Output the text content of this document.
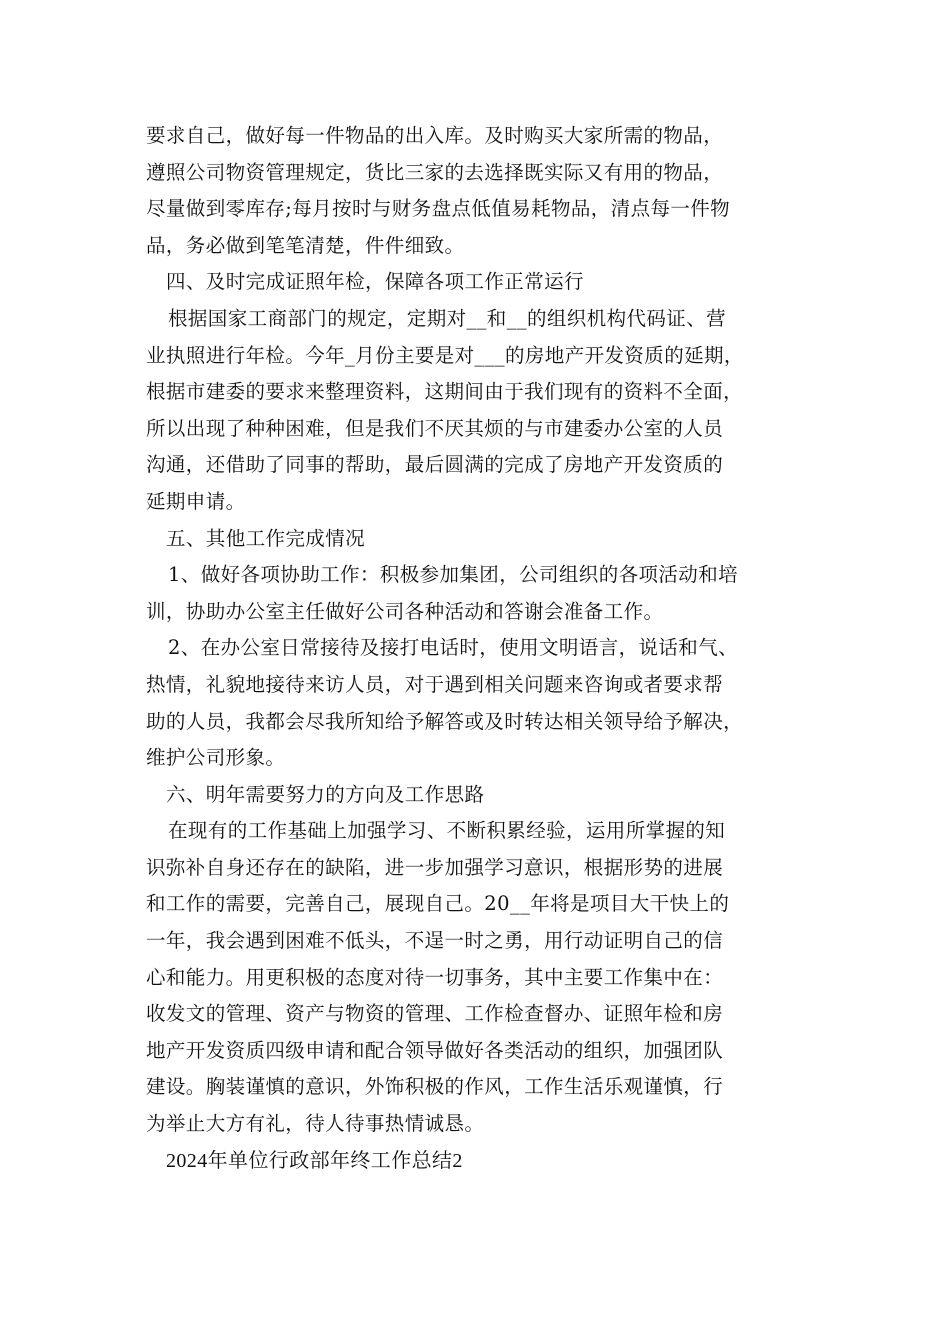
要求自己，做好每一件物品的出入库。及时购买大家所需的物品，
遵照公司物资管理规定，货比三家的去选择既实际又有用的物品，
尽量做到零库存;每月按时与财务盘点低值易耗物品，清点每一件物
品，务必做到笔笔清楚，件件细致。
四、及时完成证照年检，保障各项工作正常运行
根据国家工商部门的规定，定期对__和__的组织机构代码证、营
业执照进行年检。今年_月份主要是对___的房地产开发资质的延期，
根据市建委的要求来整理资料，这期间由于我们现有的资料不全面，
所以出现了种种困难，但是我们不厌其烦的与市建委办公室的人员
沟通，还借助了同事的帮助，最后圆满的完成了房地产开发资质的
延期申请。
五、其他工作完成情况
1、做好各项协助工作：积极参加集团，公司组织的各项活动和培
训，协助办公室主任做好公司各种活动和答谢会准备工作。
2、在办公室日常接待及接打电话时，使用文明语言，说话和气、
热情，礼貌地接待来访人员，对于遇到相关问题来咨询或者要求帮
助的人员，我都会尽我所知给予解答或及时转达相关领导给予解决，
维护公司形象。
六、明年需要努力的方向及工作思路
在现有的工作基础上加强学习、不断积累经验，运用所掌握的知
识弥补自身还存在的缺陷，进一步加强学习意识，根据形势的进展
和工作的需要，完善自己，展现自己。20__年将是项目大干快上的
一年，我会遇到困难不低头，不逞一时之勇，用行动证明自己的信
心和能力。用更积极的态度对待一切事务，其中主要工作集中在：
收发文的管理、资产与物资的管理、工作检查督办、证照年检和房
地产开发资质四级申请和配合领导做好各类活动的组织，加强团队
建设。胸装谨慎的意识，外饰积极的作风，工作生活乐观谨慎，行
为举止大方有礼，待人待事热情诚恳。
2024年单位行政部年终工作总结2
